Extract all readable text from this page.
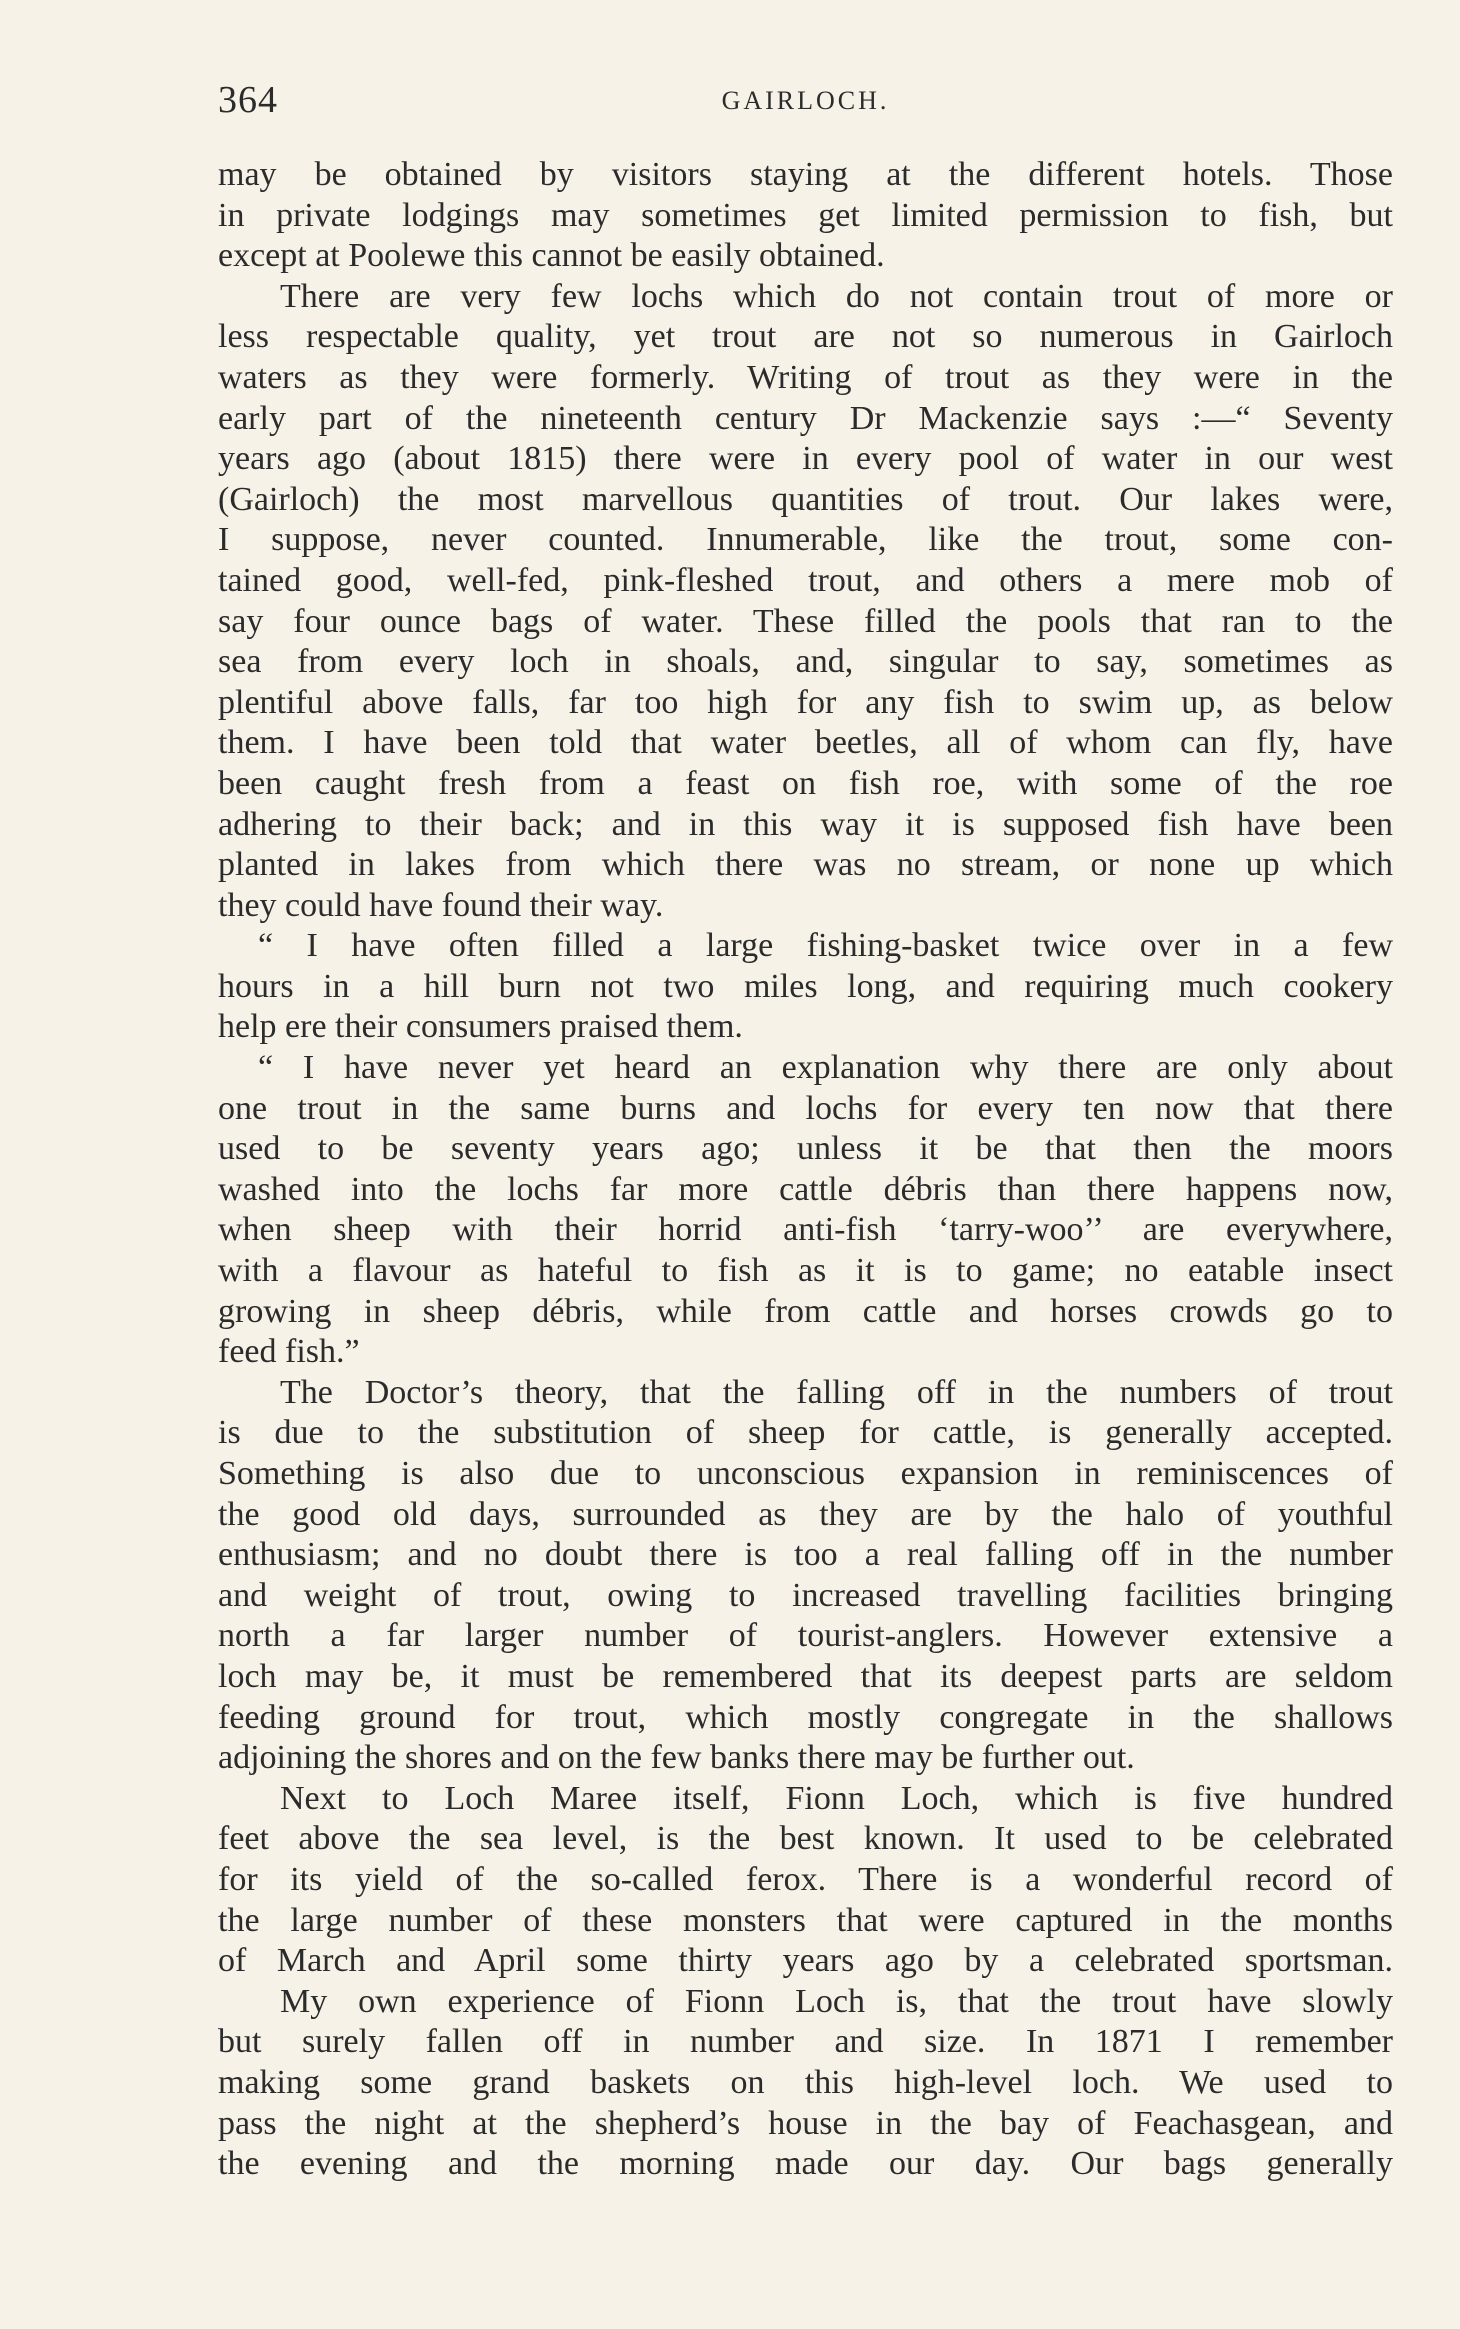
364	GAIRLOCH.
may be obtained by visitors staying at the different hotels. Those
in private lodgings may sometimes get limited permission to fish, but
except at Poolewe this cannot be easily obtained.
There are very few lochs which do not contain trout of more or
less respectable quality, yet trout are not so numerous in Gairloch
waters as they were formerly. Writing of trout as they were in the
early part of the nineteenth century Dr Mackenzie says :—“ Seventy
years ago (about 1815) there were in every pool of water in our west
(Gairloch) the most marvellous quantities of trout. Our lakes were,
I suppose, never counted. Innumerable, like the trout, some con-
tained good, well-fed, pink-fleshed trout, and others a mere mob of
say four ounce bags of water. These filled the pools that ran to the
sea from every loch in shoals, and, singular to say, sometimes as
plentiful above falls, far too high for any fish to swim up, as below
them. I have been told that water beetles, all of whom can fly, have
been caught fresh from a feast on fish roe, with some of the roe
adhering to their back; and in this way it is supposed fish have been
planted in lakes from which there was no stream, or none up which
they could have found their way.
“ I have often filled a large fishing-basket twice over in a few
hours in a hill burn not two miles long, and requiring much cookery
help ere their consumers praised them.
“ I have never yet heard an explanation why there are only about
one trout in the same burns and lochs for every ten now that there
used to be seventy years ago; unless it be that then the moors
washed into the lochs far more cattle débris than there happens now,
when sheep with their horrid anti-fish ‘tarry-woo’’ are everywhere,
with a flavour as hateful to fish as it is to game; no eatable insect
growing in sheep débris, while from cattle and horses crowds go to
feed fish.”
The Doctor’s theory, that the falling off in the numbers of trout
is due to the substitution of sheep for cattle, is generally accepted.
Something is also due to unconscious expansion in reminiscences of
the good old days, surrounded as they are by the halo of youthful
enthusiasm; and no doubt there is too a real falling off in the number
and weight of trout, owing to increased travelling facilities bringing
north a far larger number of tourist-anglers. However extensive a
loch may be, it must be remembered that its deepest parts are seldom
feeding ground for trout, which mostly congregate in the shallows
adjoining the shores and on the few banks there may be further out.
Next to Loch Maree itself, Fionn Loch, which is five hundred
feet above the sea level, is the best known. It used to be celebrated
for its yield of the so-called ferox. There is a wonderful record of
the large number of these monsters that were captured in the months
of March and April some thirty years ago by a celebrated sportsman.
My own experience of Fionn Loch is, that the trout have slowly
but surely fallen off in number and size. In 1871 I remember
making some grand baskets on this high-level loch. We used to
pass the night at the shepherd’s house in the bay of Feachasgean, and
the evening and the morning made our day. Our bags generally
